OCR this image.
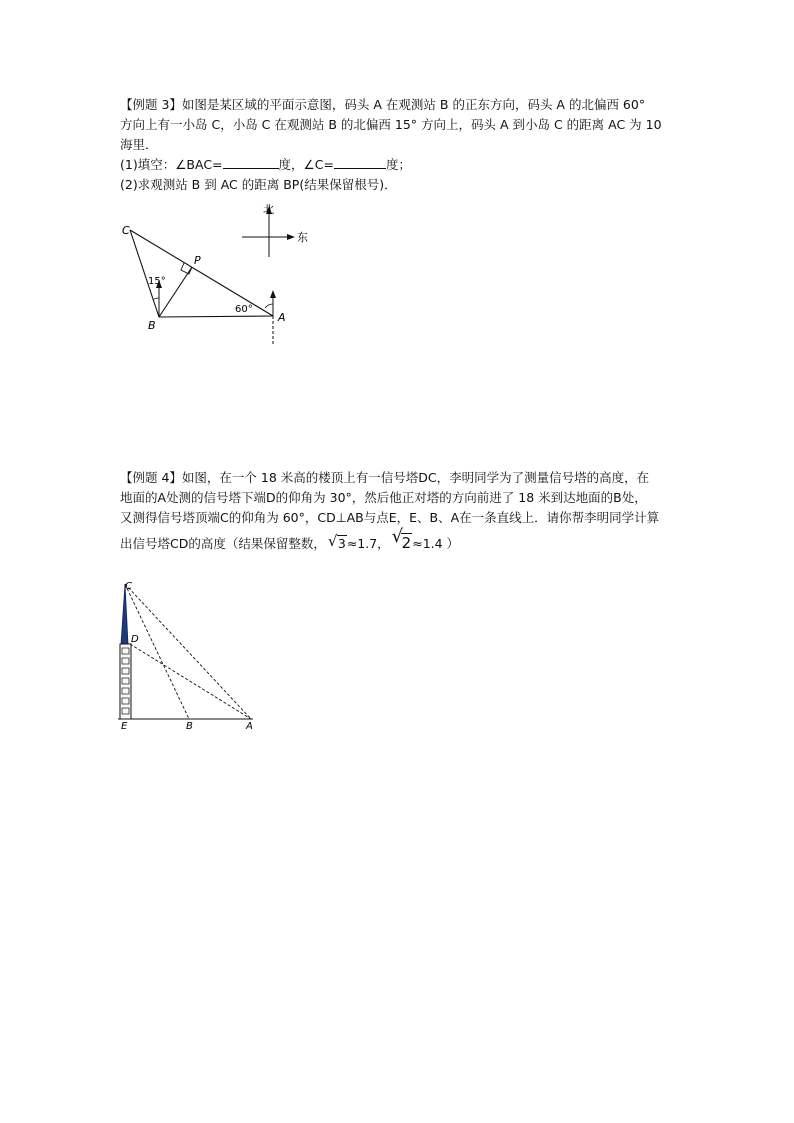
【例题 3】如图是某区域的平面示意图，码头 A 在观测站 B 的正东方向，码头 A 的北偏西 60°
方向上有一小岛 C，小岛 C 在观测站 B 的北偏西 15° 方向上，码头 A 到小岛 C 的距离 AC 为 10
海里．
(1)填空：∠BAC=	度，∠C=	度；
(2)求观测站 B 到 AC 的距离 BP(结果保留根号)．
C
P
B
A
15°
60°
北
东
【例题 4】如图，在一个 18 米高的楼顶上有一信号塔DC，李明同学为了测量信号塔的高度，在
地面的A处测的信号塔下端D的仰角为 30°，然后他正对塔的方向前进了 18 米到达地面的B处，
又测得信号塔顶端C的仰角为 60°，CD⊥AB与点E，E、B、A在一条直线上．请你帮李明同学计算
出信号塔CD的高度（结果保留整数， √ 3≈1.7， √
2≈1.4 ）
C
D
E	B	A
